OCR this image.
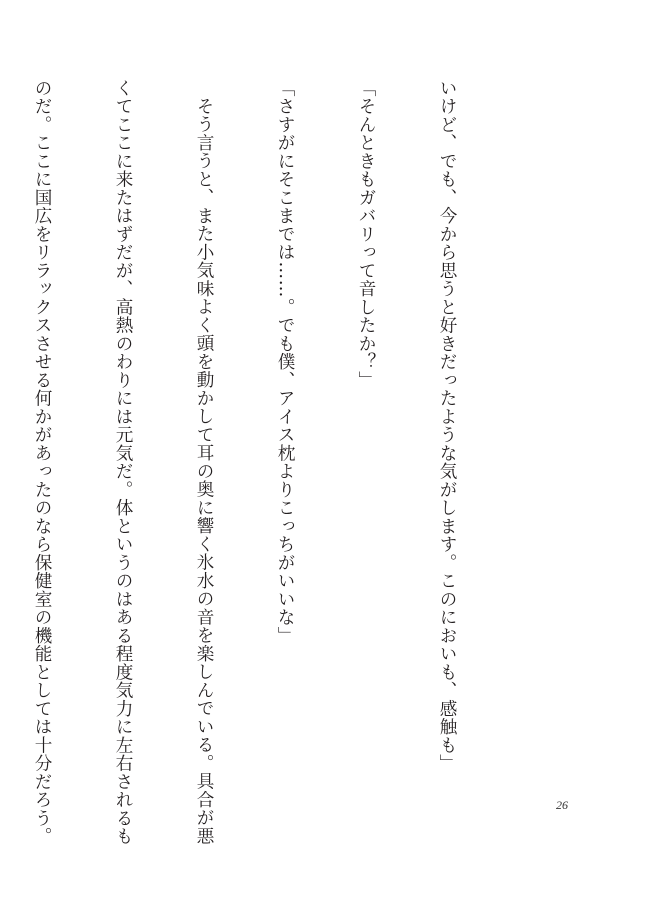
いけど、でも、今から思うと好きだったような気がします。このにおいも、感触も」

「そんときもガバリって音したか？」

「さすがにそこまでは……。でも僕、アイス枕よりこっちがいいな」

そう言うと、また小気味よく頭を動かして耳の奥に響く氷水の音を楽しんでいる。具合が悪

くてここに来たはずだが、高熱のわりには元気だ。体というのはある程度気力に左右されるも

のだ。ここに国広をリラックスさせる何かがあったのなら保健室の機能としては十分だろう。

	26
